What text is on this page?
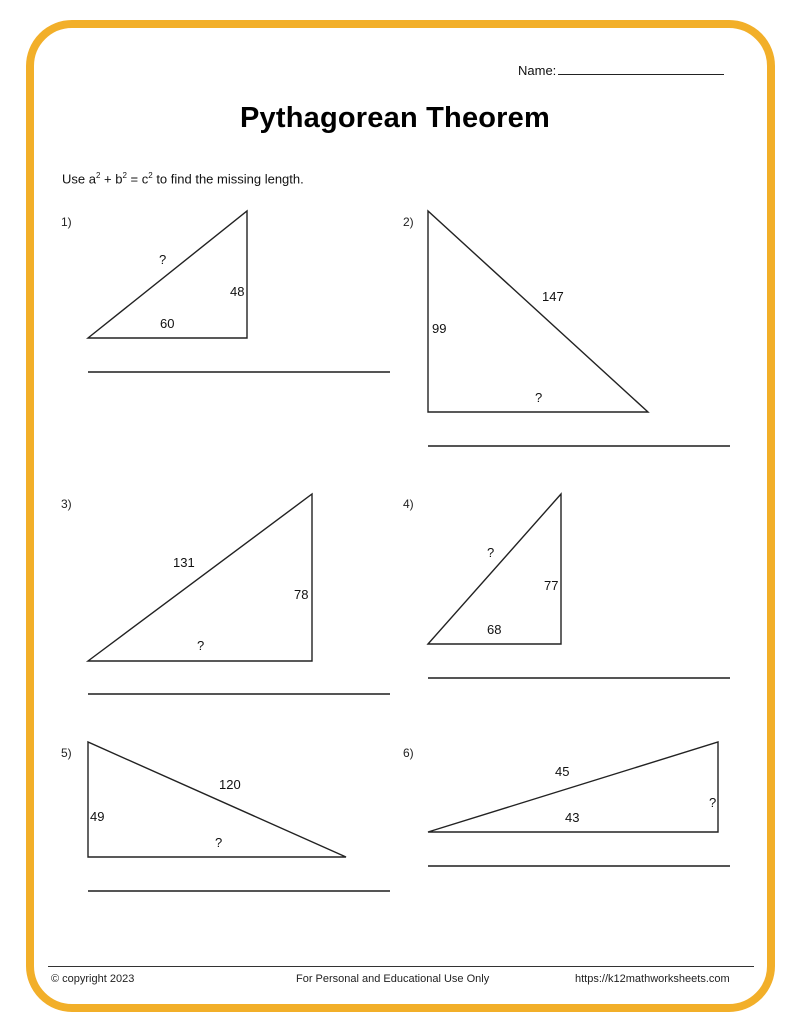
Name:
Pythagorean Theorem
Use $a^2 + b^2 = c^2$ to find the missing length.
1)
?
48
60
2)
147
99
?
3)
131
78
?
4)
?
77
68
5)
120
49
?
6)
45
?
43
© copyright 2023	For Personal and Educational Use Only	https://k12mathworksheets.com
